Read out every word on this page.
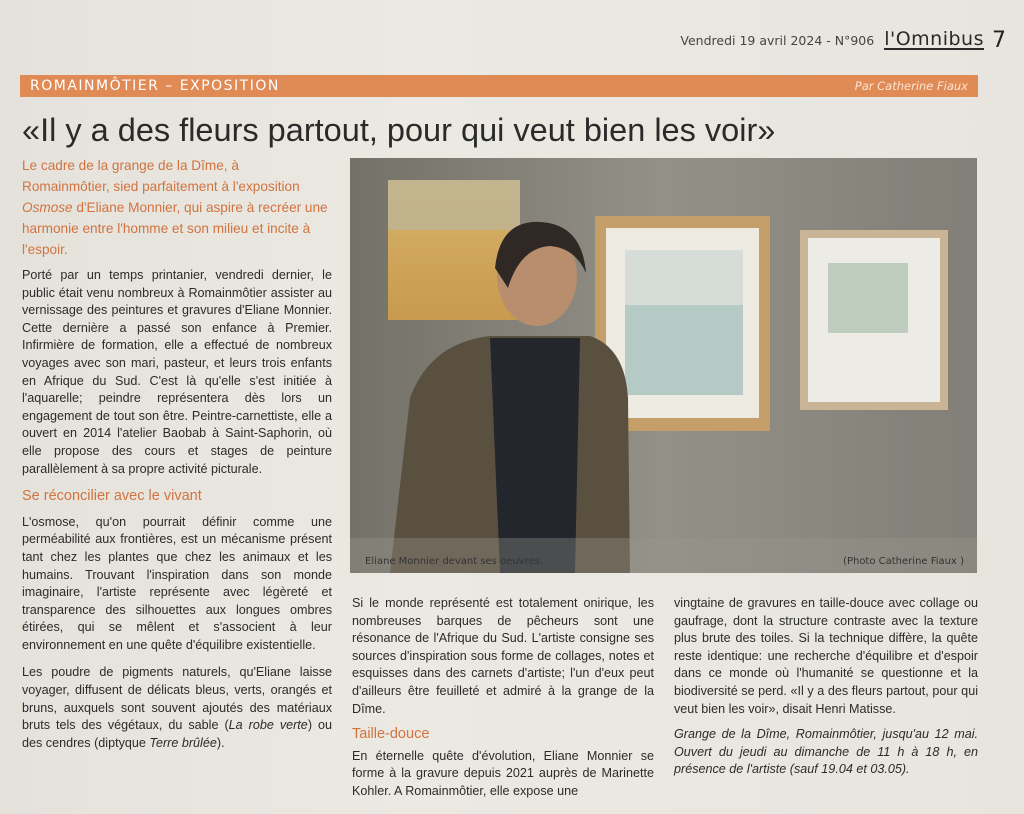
Vendredi 19 avril 2024 - N°906 l'Omnibus 7
ROMAINMÔTIER – EXPOSITION	Par Catherine Fiaux
«Il y a des fleurs partout, pour qui veut bien les voir»
Le cadre de la grange de la Dîme, à Romainmôtier, sied parfaitement à l'exposition Osmose d'Eliane Monnier, qui aspire à recréer une harmonie entre l'homme et son milieu et incite à l'espoir.

Porté par un temps printanier, vendredi dernier, le public était venu nombreux à Romainmôtier assister au vernissage des peintures et gravures d'Eliane Monnier. Cette dernière a passé son enfance à Premier. Infirmière de formation, elle a effectué de nombreux voyages avec son mari, pasteur, et leurs trois enfants en Afrique du Sud. C'est là qu'elle s'est initiée à l'aquarelle; peindre représentera dès lors un engagement de tout son être. Peintre-carnettiste, elle a ouvert en 2014 l'atelier Baobab à Saint-Saphorin, où elle propose des cours et stages de peinture parallèlement à sa propre activité picturale.

Se réconcilier avec le vivant

L'osmose, qu'on pourrait définir comme une perméabilité aux frontières, est un mécanisme présent tant chez les plantes que chez les animaux et les humains. Trouvant l'inspiration dans son monde imaginaire, l'artiste représente avec légèreté et transparence des silhouettes aux longues ombres étirées, qui se mêlent et s'associent à leur environnement en une quête d'équilibre existentielle.

Les poudre de pigments naturels, qu'Eliane laisse voyager, diffusent de délicats bleus, verts, orangés et bruns, auxquels sont souvent ajoutés des matériaux bruts tels des végétaux, du sable (La robe verte) ou des cendres (diptyque Terre brûlée).

Eliane Monnier devant ses oeuvres.	(Photo Catherine Fiaux )

Si le monde représenté est totalement onirique, les nombreuses barques de pêcheurs sont une résonance de l'Afrique du Sud. L'artiste consigne ses sources d'inspiration sous forme de collages, notes et esquisses dans des carnets d'artiste; l'un d'eux peut d'ailleurs être feuilleté et admiré à la grange de la Dîme.

Taille-douce

En éternelle quête d'évolution, Eliane Monnier se forme à la gravure depuis 2021 auprès de Marinette Kohler. A Romainmôtier, elle expose une

vingtaine de gravures en taille-douce avec collage ou gaufrage, dont la structure contraste avec la texture plus brute des toiles. Si la technique diffère, la quête reste identique: une recherche d'équilibre et d'espoir dans ce monde où l'humanité se questionne et la biodiversité se perd. «Il y a des fleurs partout, pour qui veut bien les voir», disait Henri Matisse.

Grange de la Dîme, Romainmôtier, jusqu'au 12 mai. Ouvert du jeudi au dimanche de 11 h à 18 h, en présence de l'artiste (sauf 19.04 et 03.05).
